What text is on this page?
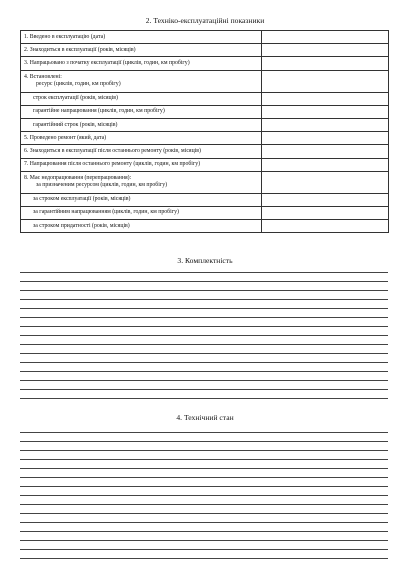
2. Техніко-експлуатаційні показники
1. Введено в експлуатацію (дата)	
2. Знаходиться в експлуатації (років, місяців)	
3. Напрацьовано з початку експлуатації (циклів, годин, км пробігу)	

4. Встановлені:
ресурс (циклів, годин, км пробігу)	

строк експлуатації (років, місяців)	
гарантійне напрацювання (циклів, годин, км пробігу)	
гарантійний строк (років, місяців)	
5. Проведено ремонт (який, дата)	
6. Знаходиться в експлуатації після останнього ремонту (років, місяців)	
7. Напрацювання після останнього ремонту (циклів, годин, км пробігу)	

8. Має недопрацювання (перепрацювання):
за призначеним ресурсом (циклів, годин, км пробігу)	

за строком експлуатації (років, місяців)	
за гарантійним напрацюванням (циклів, годин, км пробігу)	
за строком придатності (років, місяців)	
3. Комплектність
4. Технічний стан
